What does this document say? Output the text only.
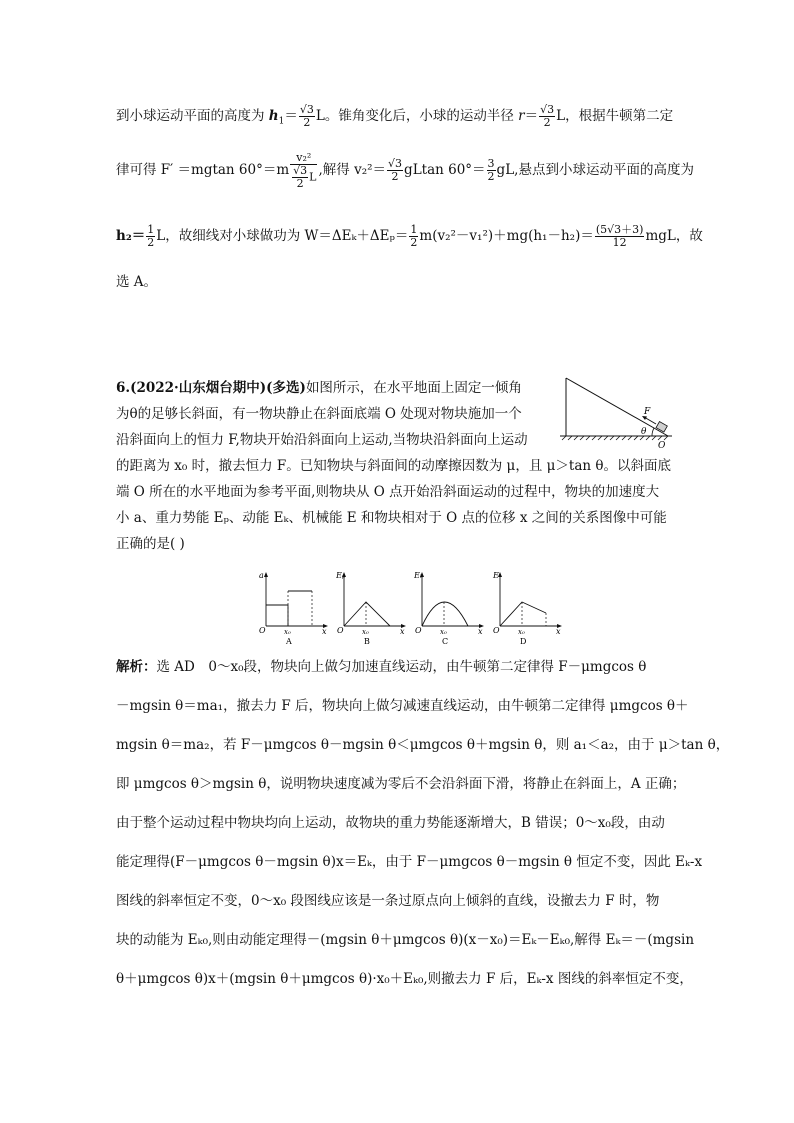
到小球运动平面的高度为 $h_1= \frac{√3}{2}$ L。锥角变化后，小球的运动半径 $r= \frac{√3}{2}$ L，根据牛顿第二定
律可得 F′ ＝mgtan $60^\circ=m \frac{\text{v₂²}}{\frac{√3}{2} L}$ ,解得 $v_2^2= \frac{√3}{2}$ gLtan $60^\circ= \frac{3}{2}$ gL,悬点到小球运动平面的高度为
$h_2= \frac{1}{2}$ L，故细线对小球做功为 $W=\Delta E_k+\Delta E_p= \frac{1}{2} m(v_2^2-v_1^2)+mg(h_1-h_2)= \frac{(5√3+3)}{12}$ mgL，故
选 A。
6.(2022·山东烟台期中)(多选)如图所示，在水平地面上固定一倾角
为θ的足够长斜面，有一物块静止在斜面底端 O 处现对物块施加一个
沿斜面向上的恒力 F,物块开始沿斜面向上运动,当物块沿斜面向上运动
的距离为 x₀ 时，撤去恒力 F。已知物块与斜面间的动摩擦因数为 μ，且 μ＞tan θ。以斜面底
端 O 所在的水平地面为参考平面,则物块从 O 点开始沿斜面运动的过程中，物块的加速度大
小 a、重力势能 Eₚ、动能 Eₖ、机械能 E 和物块相对于 O 点的位移 x 之间的关系图像中可能
正确的是( )
F
θ
O
a
O	x₀	x
A
Eₚ
O	x₀	x
B
Eₖ
O	x₀	x
C
E
O	x₀	x
D
解析：选 AD　0～x₀段，物块向上做匀加速直线运动，由牛顿第二定律得 F－μmgcos θ
－mgsin θ＝ma₁，撤去力 F 后，物块向上做匀减速直线运动，由牛顿第二定律得 μmgcos θ＋
mgsin θ＝ma₂，若 F－μmgcos θ－mgsin θ＜μmgcos θ＋mgsin θ，则 a₁＜a₂，由于 μ＞tan θ，
即 μmgcos θ＞mgsin θ，说明物块速度减为零后不会沿斜面下滑，将静止在斜面上，A 正确；
由于整个运动过程中物块均向上运动，故物块的重力势能逐渐增大，B 错误；0～x₀段，由动
能定理得(F－μmgcos θ－mgsin θ)x＝Eₖ，由于 F－μmgcos θ－mgsin θ 恒定不变，因此 Eₖ-x
图线的斜率恒定不变，0～x₀ 段图线应该是一条过原点向上倾斜的直线，设撤去力 F 时，物
块的动能为 Eₖ₀,则由动能定理得－(mgsin θ＋μmgcos θ)(x－x₀)＝Eₖ－Eₖ₀,解得 Eₖ＝－(mgsin
θ＋μmgcos θ)x＋(mgsin θ＋μmgcos θ)·x₀＋Eₖ₀,则撤去力 F 后，Eₖ-x 图线的斜率恒定不变，
